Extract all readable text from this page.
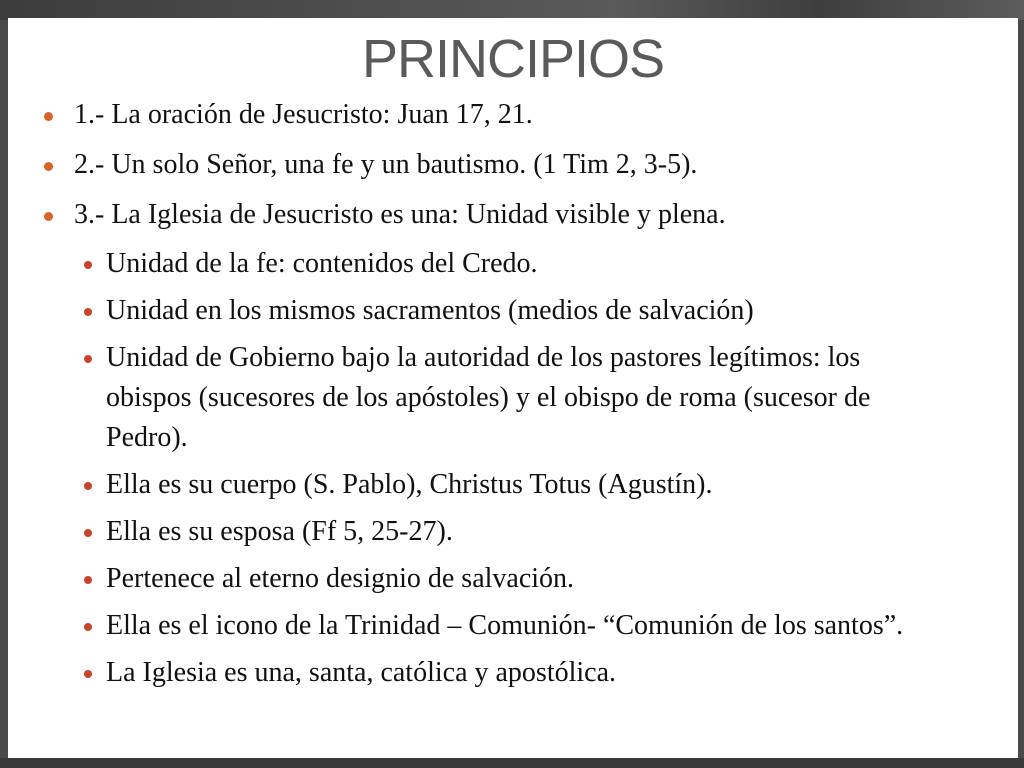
PRINCIPIOS
1.- La oración de Jesucristo: Juan 17, 21.
2.- Un solo Señor, una fe y un bautismo. (1 Tim 2, 3-5).
3.- La Iglesia de Jesucristo es una: Unidad visible y plena.
Unidad de la fe: contenidos del Credo.
Unidad en los mismos sacramentos (medios de salvación)
Unidad de Gobierno bajo la autoridad de los pastores legítimos: los obispos (sucesores de los apóstoles) y el obispo de roma (sucesor de Pedro).
Ella es su cuerpo (S. Pablo), Christus Totus (Agustín).
Ella es su esposa (Ff 5, 25-27).
Pertenece al eterno designio de salvación.
Ella es el icono de la Trinidad – Comunión- “Comunión de los santos”.
La Iglesia es una, santa, católica y apostólica.
